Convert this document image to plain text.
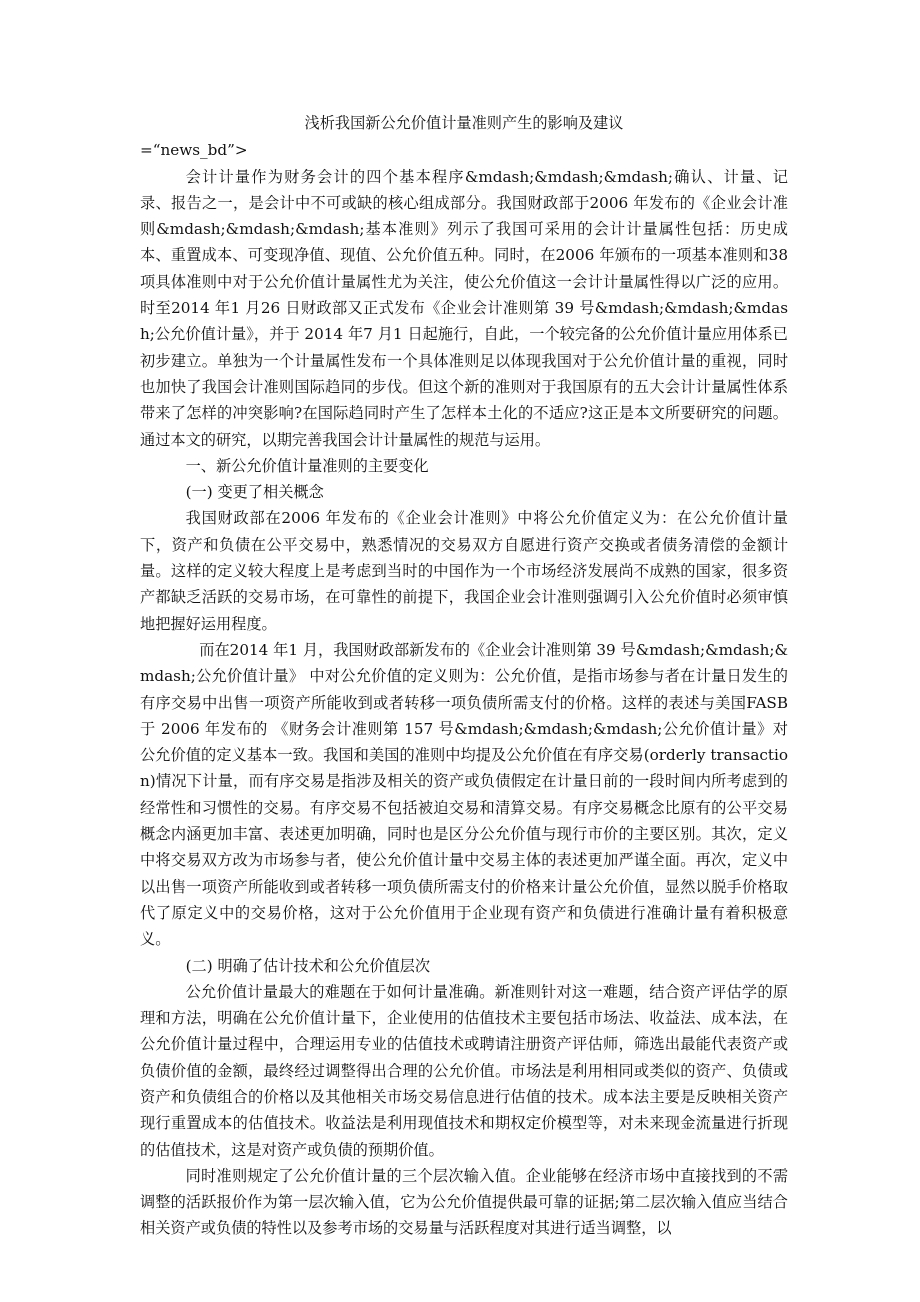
浅析我国新公允价值计量准则产生的影响及建议

=“news_bd”>

会计计量作为财务会计的四个基本程序&mdash;&mdash;&mdash;确认、计量、记录、报告之一，是会计中不可或缺的核心组成部分。我国财政部于2006 年发布的《企业会计准则&mdash;&mdash;&mdash;基本准则》列示了我国可采用的会计计量属性包括：历史成本、重置成本、可变现净值、现值、公允价值五种。同时，在2006 年颁布的一项基本准则和38项具体准则中对于公允价值计量属性尤为关注，使公允价值这一会计计量属性得以广泛的应用。时至2014 年1 月26 日财政部又正式发布《企业会计准则第 39 号&mdash;&mdash;&mdash;公允价值计量》，并于 2014 年7 月1 日起施行，自此，一个较完备的公允价值计量应用体系已初步建立。单独为一个计量属性发布一个具体准则足以体现我国对于公允价值计量的重视，同时也加快了我国会计准则国际趋同的步伐。但这个新的准则对于我国原有的五大会计计量属性体系带来了怎样的冲突影响?在国际趋同时产生了怎样本土化的不适应?这正是本文所要研究的问题。通过本文的研究，以期完善我国会计计量属性的规范与运用。

一、新公允价值计量准则的主要变化

(一) 变更了相关概念

我国财政部在2006 年发布的《企业会计准则》中将公允价值定义为：在公允价值计量下，资产和负债在公平交易中，熟悉情况的交易双方自愿进行资产交换或者债务清偿的金额计量。这样的定义较大程度上是考虑到当时的中国作为一个市场经济发展尚不成熟的国家，很多资产都缺乏活跃的交易市场，在可靠性的前提下，我国企业会计准则强调引入公允价值时必须审慎地把握好运用程度。

而在2014 年1 月，我国财政部新发布的《企业会计准则第 39 号&mdash;&mdash;&mdash;公允价值计量》 中对公允价值的定义则为：公允价值，是指市场参与者在计量日发生的有序交易中出售一项资产所能收到或者转移一项负债所需支付的价格。这样的表述与美国FASB 于 2006 年发布的 《财务会计准则第 157 号&mdash;&mdash;&mdash;公允价值计量》对公允价值的定义基本一致。我国和美国的准则中均提及公允价值在有序交易(orderly transaction)情况下计量，而有序交易是指涉及相关的资产或负债假定在计量日前的一段时间内所考虑到的经常性和习惯性的交易。有序交易不包括被迫交易和清算交易。有序交易概念比原有的公平交易概念内涵更加丰富、表述更加明确，同时也是区分公允价值与现行市价的主要区别。其次，定义中将交易双方改为市场参与者，使公允价值计量中交易主体的表述更加严谨全面。再次，定义中以出售一项资产所能收到或者转移一项负债所需支付的价格来计量公允价值，显然以脱手价格取代了原定义中的交易价格，这对于公允价值用于企业现有资产和负债进行准确计量有着积极意义。

(二) 明确了估计技术和公允价值层次

公允价值计量最大的难题在于如何计量准确。新准则针对这一难题，结合资产评估学的原理和方法，明确在公允价值计量下，企业使用的估值技术主要包括市场法、收益法、成本法，在公允价值计量过程中，合理运用专业的估值技术或聘请注册资产评估师，筛选出最能代表资产或负债价值的金额，最终经过调整得出合理的公允价值。市场法是利用相同或类似的资产、负债或资产和负债组合的价格以及其他相关市场交易信息进行估值的技术。成本法主要是反映相关资产现行重置成本的估值技术。收益法是利用现值技术和期权定价模型等，对未来现金流量进行折现的估值技术，这是对资产或负债的预期价值。

同时准则规定了公允价值计量的三个层次输入值。企业能够在经济市场中直接找到的不需调整的活跃报价作为第一层次输入值，它为公允价值提供最可靠的证据;第二层次输入值应当结合相关资产或负债的特性以及参考市场的交易量与活跃程度对其进行适当调整，以
